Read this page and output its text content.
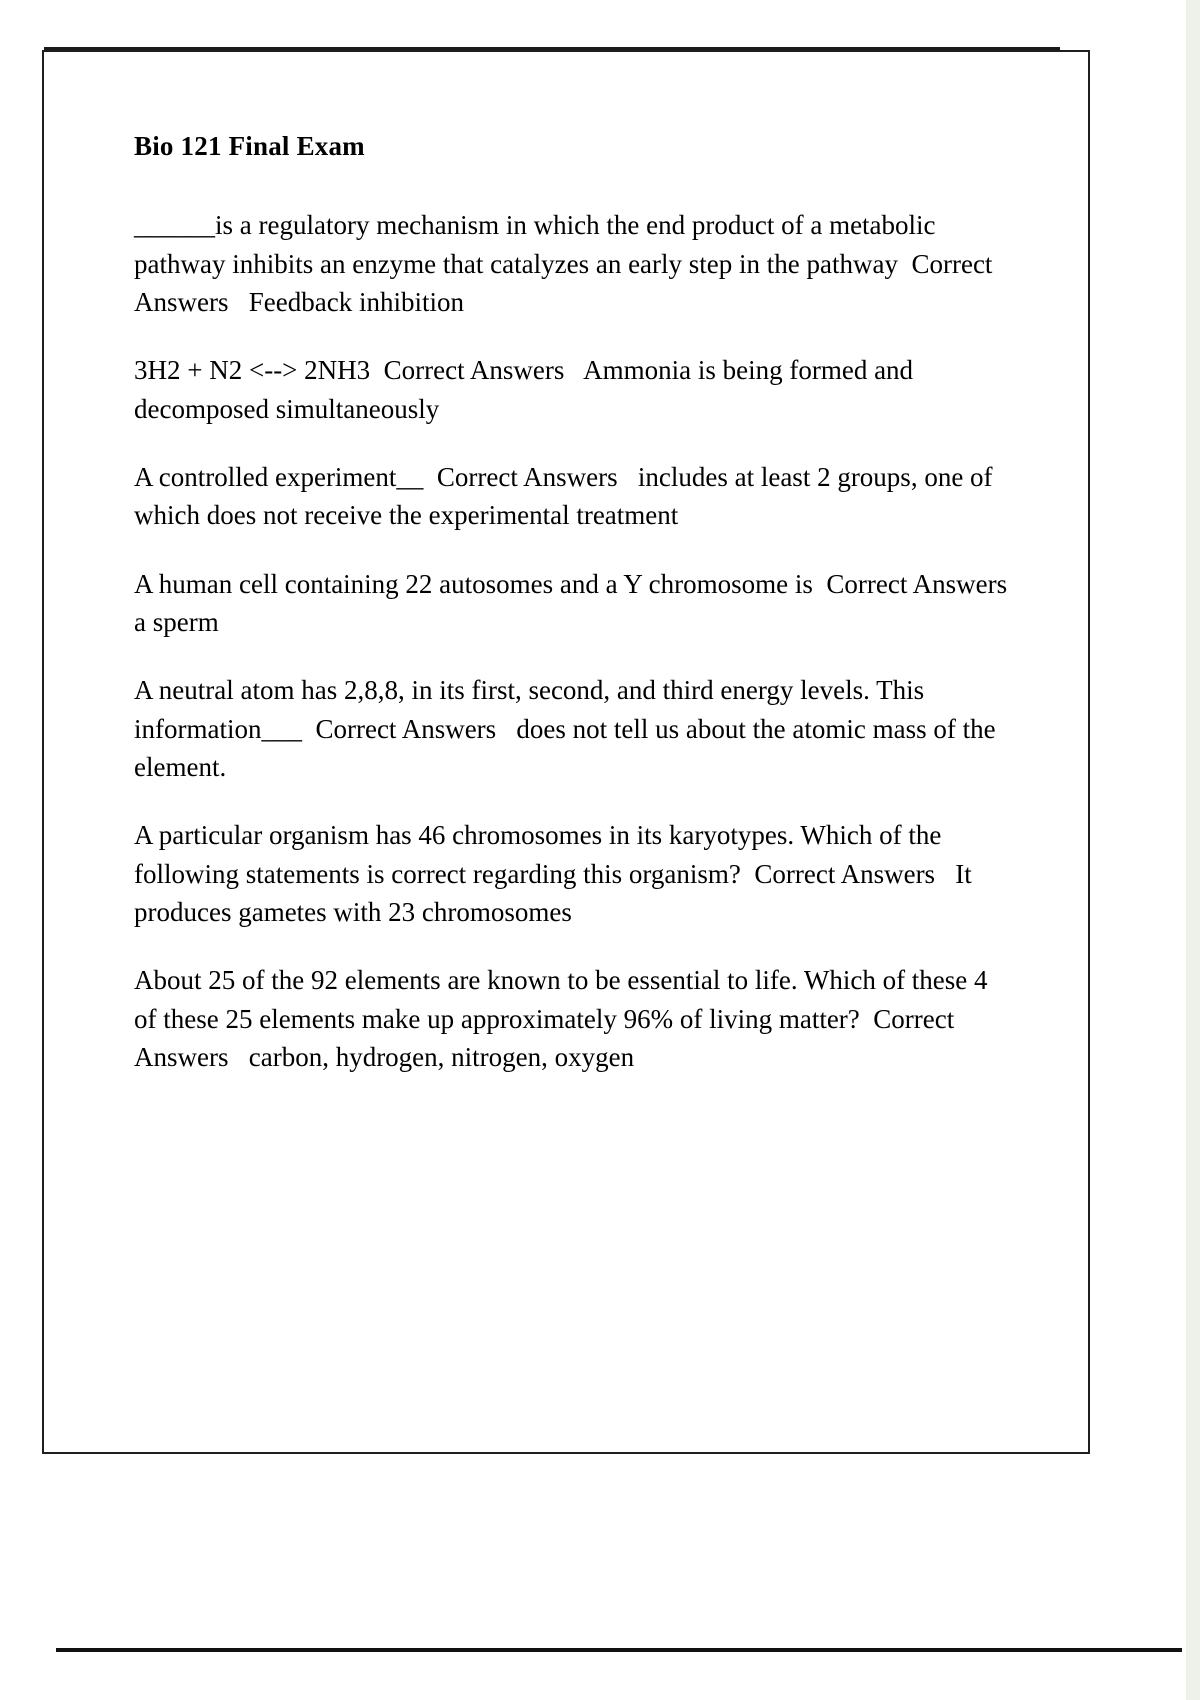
Bio 121 Final Exam

______is a regulatory mechanism in which the end product of a metabolic pathway inhibits an enzyme that catalyzes an early step in the pathway  Correct Answers   Feedback inhibition

3H2 + N2 <--> 2NH3  Correct Answers   Ammonia is being formed and decomposed simultaneously

A controlled experiment__  Correct Answers   includes at least 2 groups, one of which does not receive the experimental treatment

A human cell containing 22 autosomes and a Y chromosome is  Correct Answers   a sperm

A neutral atom has 2,8,8, in its first, second, and third energy levels. This information___  Correct Answers   does not tell us about the atomic mass of the element.

A particular organism has 46 chromosomes in its karyotypes. Which of the following statements is correct regarding this organism?  Correct Answers   It produces gametes with 23 chromosomes

About 25 of the 92 elements are known to be essential to life. Which of these 4 of these 25 elements make up approximately 96% of living matter?  Correct Answers   carbon, hydrogen, nitrogen, oxygen
